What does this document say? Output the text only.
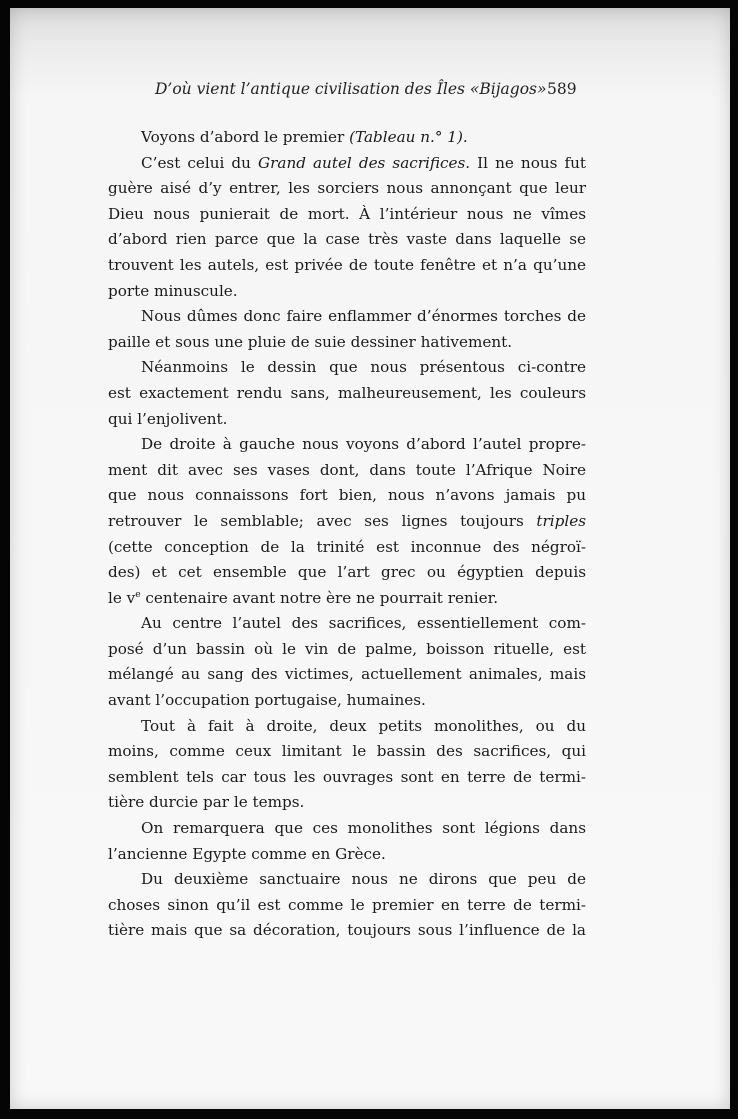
D’où vient l’antique civilisation des Îles «Bijagos» 589
Voyons d’abord le premier (Tableau n.° 1).
C’est celui du Grand autel des sacrifices. Il ne nous fut
guère aisé d’y entrer, les sorciers nous annonçant que leur
Dieu nous punierait de mort. À l’intérieur nous ne vîmes
d’abord rien parce que la case très vaste dans laquelle se
trouvent les autels, est privée de toute fenêtre et n’a qu’une
porte minuscule.
Nous dûmes donc faire enflammer d’énormes torches de
paille et sous une pluie de suie dessiner hativement.
Néanmoins le dessin que nous présentous ci-contre
est exactement rendu sans, malheureusement, les couleurs
qui l’enjolivent.
De droite à gauche nous voyons d’abord l’autel propre-
ment dit avec ses vases dont, dans toute l’Afrique Noire
que nous connaissons fort bien, nous n’avons jamais pu
retrouver le semblable; avec ses lignes toujours triples
(cette conception de la trinité est inconnue des négroï-
des) et cet ensemble que l’art grec ou égyptien depuis
le $v^e$ centenaire avant notre ère ne pourrait renier.
Au centre l’autel des sacrifices, essentiellement com-
posé d’un bassin où le vin de palme, boisson rituelle, est
mélangé au sang des victimes, actuellement animales, mais
avant l’occupation portugaise, humaines.
Tout à fait à droite, deux petits monolithes, ou du
moins, comme ceux limitant le bassin des sacrifices, qui
semblent tels car tous les ouvrages sont en terre de termi-
tière durcie par le temps.
On remarquera que ces monolithes sont légions dans
l’ancienne Egypte comme en Grèce.
Du deuxième sanctuaire nous ne dirons que peu de
choses sinon qu’il est comme le premier en terre de termi-
tière mais que sa décoration, toujours sous l’influence de la
